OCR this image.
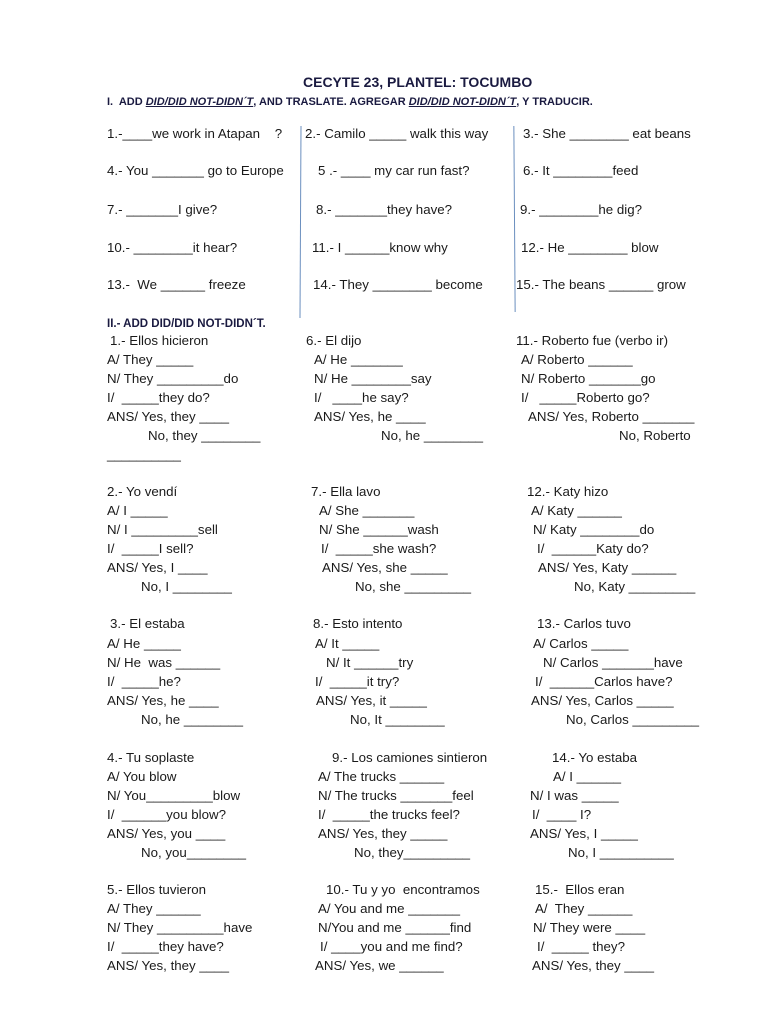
CECYTE 23, PLANTEL: TOCUMBO
I.  ADD DID/DID NOT-DIDN´T, AND TRASLATE. AGREGAR DID/DID NOT-DIDN´T, Y TRADUCIR.
1.-____we work in Atapan    ? 2.- Camilo _____ walk this way	3.- She ________ eat beans
4.- You _______ go to Europe	5 .- ____ my car run fast?	6.- It ________feed
7.- _______I give?	8.- _______they have?	9.- ________he dig?
10.- ________it hear?	11.- I ______know why	12.- He ________ blow
13.-  We ______ freeze	14.- They ________ become 15.- The beans ______ grow
II.- ADD DID/DID NOT-DIDN´T.
1.- Ellos hicieron
A/ They _____
N/ They _________do
I/  _____they do?
ANS/ Yes, they ____
No, they ________
__________
6.- El dijo
A/ He _______
N/ He ________say
I/   ____he say?
ANS/ Yes, he ____
No, he ________
11.- Roberto fue (verbo ir)
A/ Roberto ______
N/ Roberto _______go
I/   _____Roberto go?
ANS/ Yes, Roberto _______
No, Roberto
2.- Yo vendí
A/ I _____
N/ I _________sell
I/  _____I sell?
ANS/ Yes, I ____
No, I ________
7.- Ella lavo
A/ She _______
N/ She ______wash
I/  _____she wash?
ANS/ Yes, she _____
No, she _________
12.- Katy hizo
A/ Katy ______
N/ Katy ________do
I/  ______Katy do?
ANS/ Yes, Katy ______
No, Katy _________
3.- El estaba
A/ He _____
N/ He  was ______
I/  _____he?
ANS/ Yes, he ____
No, he ________
8.- Esto intento
A/ It _____
N/ It ______try
I/  _____it try?
ANS/ Yes, it _____
No, It ________
13.- Carlos tuvo
A/ Carlos _____
N/ Carlos _______have
I/  ______Carlos have?
ANS/ Yes, Carlos _____
No, Carlos _________
4.- Tu soplaste
A/ You blow
N/ You_________blow
I/  ______you blow?
ANS/ Yes, you ____
No, you________
9.- Los camiones sintieron
A/ The trucks ______
N/ The trucks _______feel
I/  _____the trucks feel?
ANS/ Yes, they _____
No, they_________
14.- Yo estaba
A/ I ______
N/ I was _____
I/  ____ I?
ANS/ Yes, I _____
No, I __________
5.- Ellos tuvieron
A/ They ______
N/ They _________have
I/  _____they have?
ANS/ Yes, they ____
10.- Tu y yo  encontramos
A/ You and me _______
N/You and me ______find
I/ ____you and me find?
ANS/ Yes, we ______
15.-  Ellos eran
A/  They ______
N/ They were ____
I/  _____ they?
ANS/ Yes, they ____
